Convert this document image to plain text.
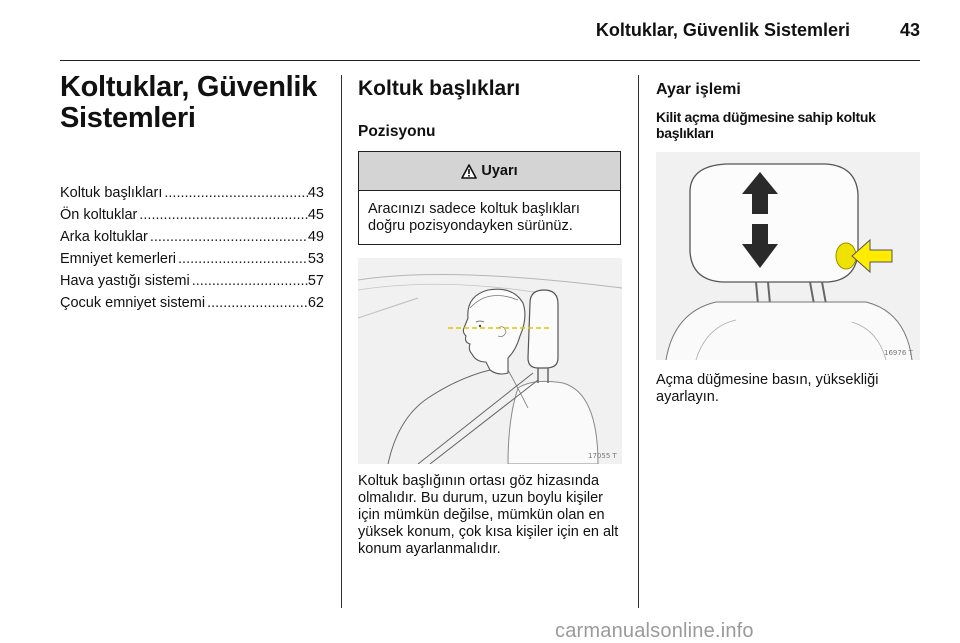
Koltuklar, Güvenlik Sistemleri	43
Koltuklar, Güvenlik
Sistemleri
Koltuk başlıkları .....	43
Ön koltuklar .....	45
Arka koltuklar .....	49
Emniyet kemerleri .....	53
Hava yastığı sistemi .....	57
Çocuk emniyet sistemi .....	62
Koltuk başlıkları
Pozisyonu
Uyarı
Aracınızı sadece koltuk başlıkları doğru pozisyondayken sürünüz.
17055 T
Koltuk başlığının ortası göz hizasında olmalıdır. Bu durum, uzun boylu kişiler için mümkün değilse, mümkün olan en yüksek konum, çok kısa kişiler için en alt konum ayarlanmalıdır.
Ayar işlemi
Kilit açma düğmesine sahip koltuk başlıkları
16976 T
Açma düğmesine basın, yüksekliği ayarlayın.
carmanualsonline.info
